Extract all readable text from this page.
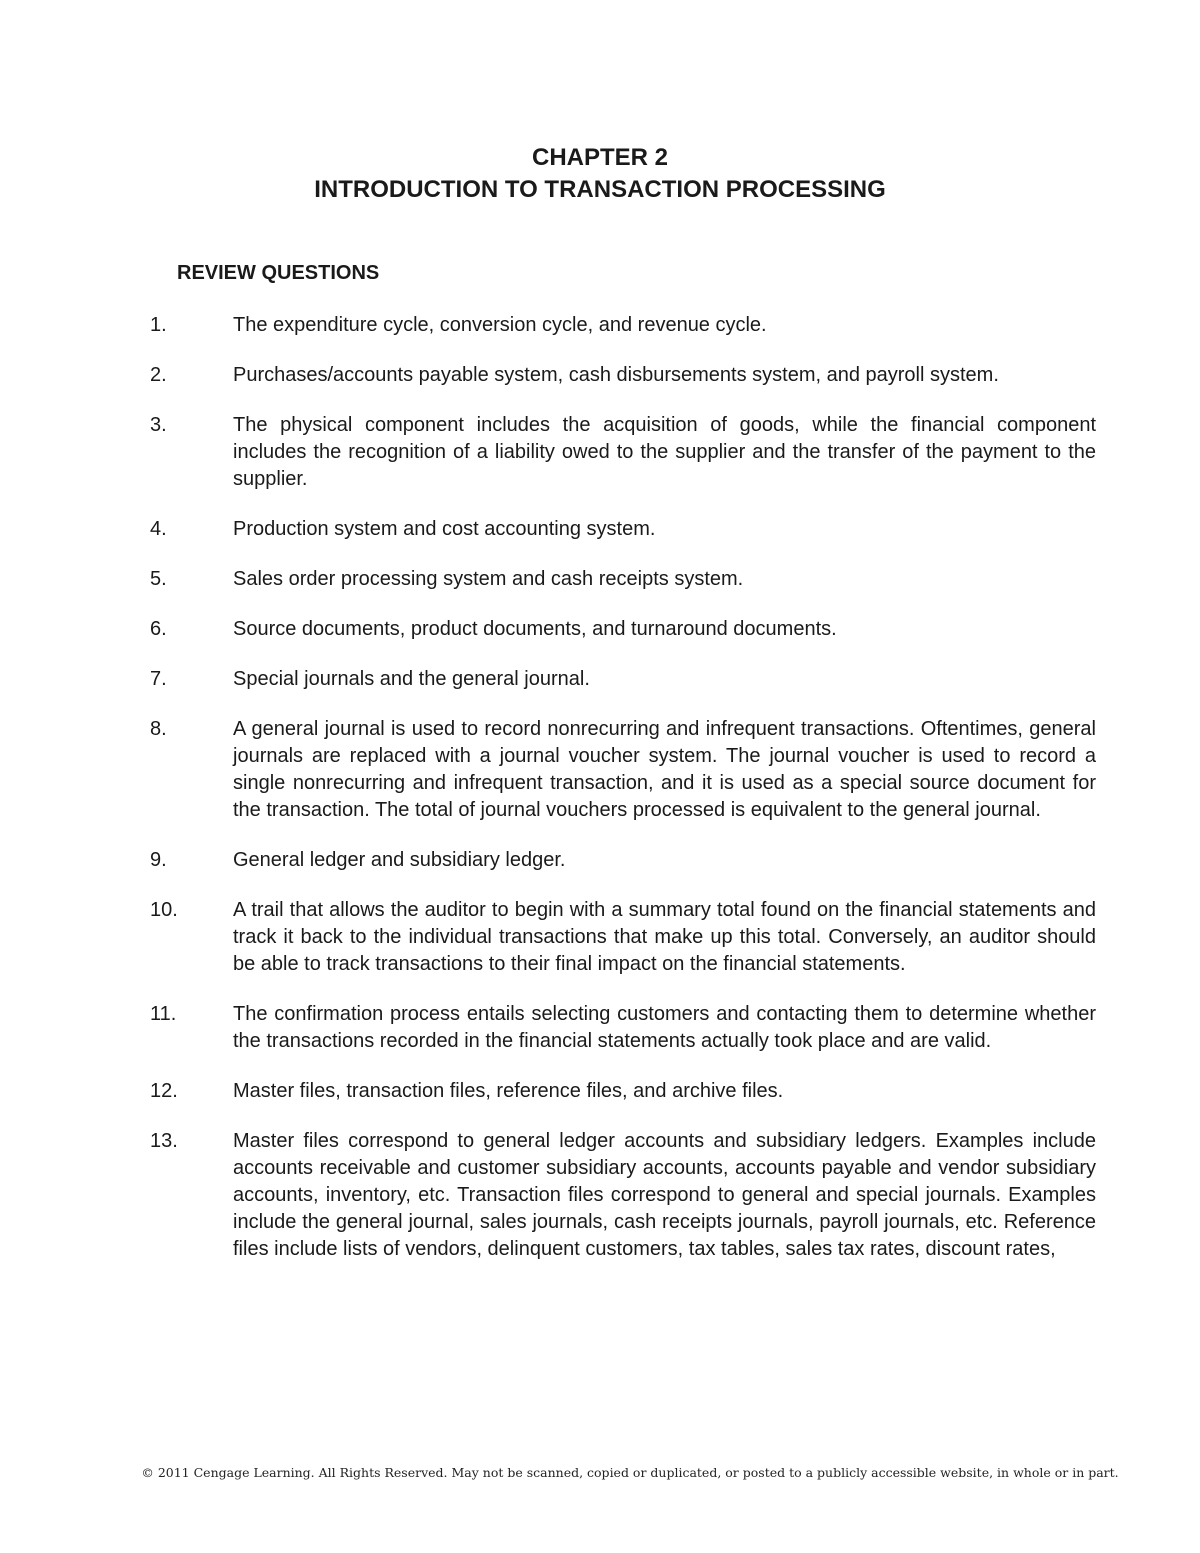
CHAPTER 2
INTRODUCTION TO TRANSACTION PROCESSING
REVIEW QUESTIONS
1.	The expenditure cycle, conversion cycle, and revenue cycle.
2.	Purchases/accounts payable system, cash disbursements system, and payroll system.
3.	The physical component includes the acquisition of goods, while the financial component includes the recognition of a liability owed to the supplier and the transfer of the payment to the supplier.
4.	Production system and cost accounting system.
5.	Sales order processing system and cash receipts system.
6.	Source documents, product documents, and turnaround documents.
7.	Special journals and the general journal.
8.	A general journal is used to record nonrecurring and infrequent transactions. Oftentimes, general journals are replaced with a journal voucher system. The journal voucher is used to record a single nonrecurring and infrequent transaction, and it is used as a special source document for the transaction. The total of journal vouchers processed is equivalent to the general journal.
9.	General ledger and subsidiary ledger.
10.	A trail that allows the auditor to begin with a summary total found on the financial statements and track it back to the individual transactions that make up this total. Conversely, an auditor should be able to track transactions to their final impact on the financial statements.
11.	The confirmation process entails selecting customers and contacting them to determine whether the transactions recorded in the financial statements actually took place and are valid.
12.	Master files, transaction files, reference files, and archive files.
13.	Master files correspond to general ledger accounts and subsidiary ledgers. Examples include accounts receivable and customer subsidiary accounts, accounts payable and vendor subsidiary accounts, inventory, etc. Transaction files correspond to general and special journals. Examples include the general journal, sales journals, cash receipts journals, payroll journals, etc. Reference files include lists of vendors, delinquent customers, tax tables, sales tax rates, discount rates,
© 2011 Cengage Learning. All Rights Reserved. May not be scanned, copied or duplicated, or posted to a publicly accessible website, in whole or in part.
